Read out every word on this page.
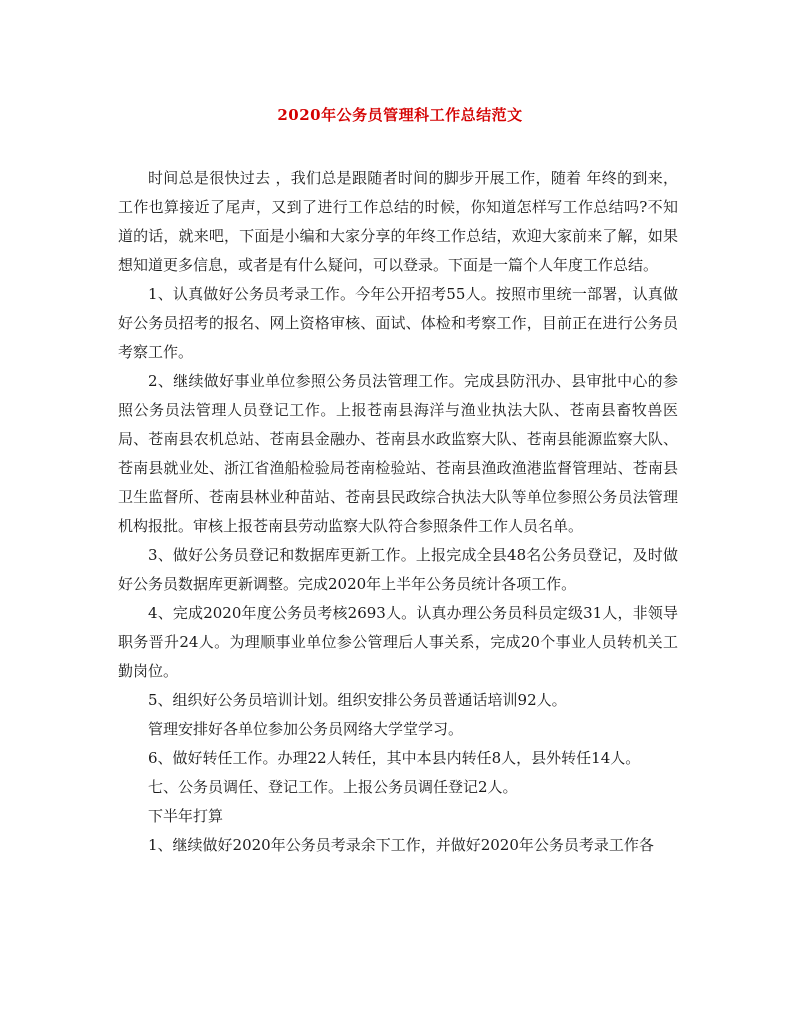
2020年公务员管理科工作总结范文

时间总是很快过去 ，我们总是跟随者时间的脚步开展工作，随着 年终的到来，工作也算接近了尾声，又到了进行工作总结的时候，你知道怎样写工作总结吗?不知道的话，就来吧，下面是小编和大家分享的年终工作总结，欢迎大家前来了解，如果想知道更多信息，或者是有什么疑问，可以登录。下面是一篇个人年度工作总结。

1、认真做好公务员考录工作。今年公开招考55人。按照市里统一部署，认真做好公务员招考的报名、网上资格审核、面试、体检和考察工作，目前正在进行公务员考察工作。

2、继续做好事业单位参照公务员法管理工作。完成县防汛办、县审批中心的参照公务员法管理人员登记工作。上报苍南县海洋与渔业执法大队、苍南县畜牧兽医局、苍南县农机总站、苍南县金融办、苍南县水政监察大队、苍南县能源监察大队、苍南县就业处、浙江省渔船检验局苍南检验站、苍南县渔政渔港监督管理站、苍南县卫生监督所、苍南县林业种苗站、苍南县民政综合执法大队等单位参照公务员法管理机构报批。审核上报苍南县劳动监察大队符合参照条件工作人员名单。

3、做好公务员登记和数据库更新工作。上报完成全县48名公务员登记，及时做好公务员数据库更新调整。完成2020年上半年公务员统计各项工作。

4、完成2020年度公务员考核2693人。认真办理公务员科员定级31人，非领导职务晋升24人。为理顺事业单位参公管理后人事关系，完成20个事业人员转机关工勤岗位。

5、组织好公务员培训计划。组织安排公务员普通话培训92人。

管理安排好各单位参加公务员网络大学堂学习。

6、做好转任工作。办理22人转任，其中本县内转任8人，县外转任14人。

七、公务员调任、登记工作。上报公务员调任登记2人。

下半年打算

1、继续做好2020年公务员考录余下工作，并做好2020年公务员考录工作各
